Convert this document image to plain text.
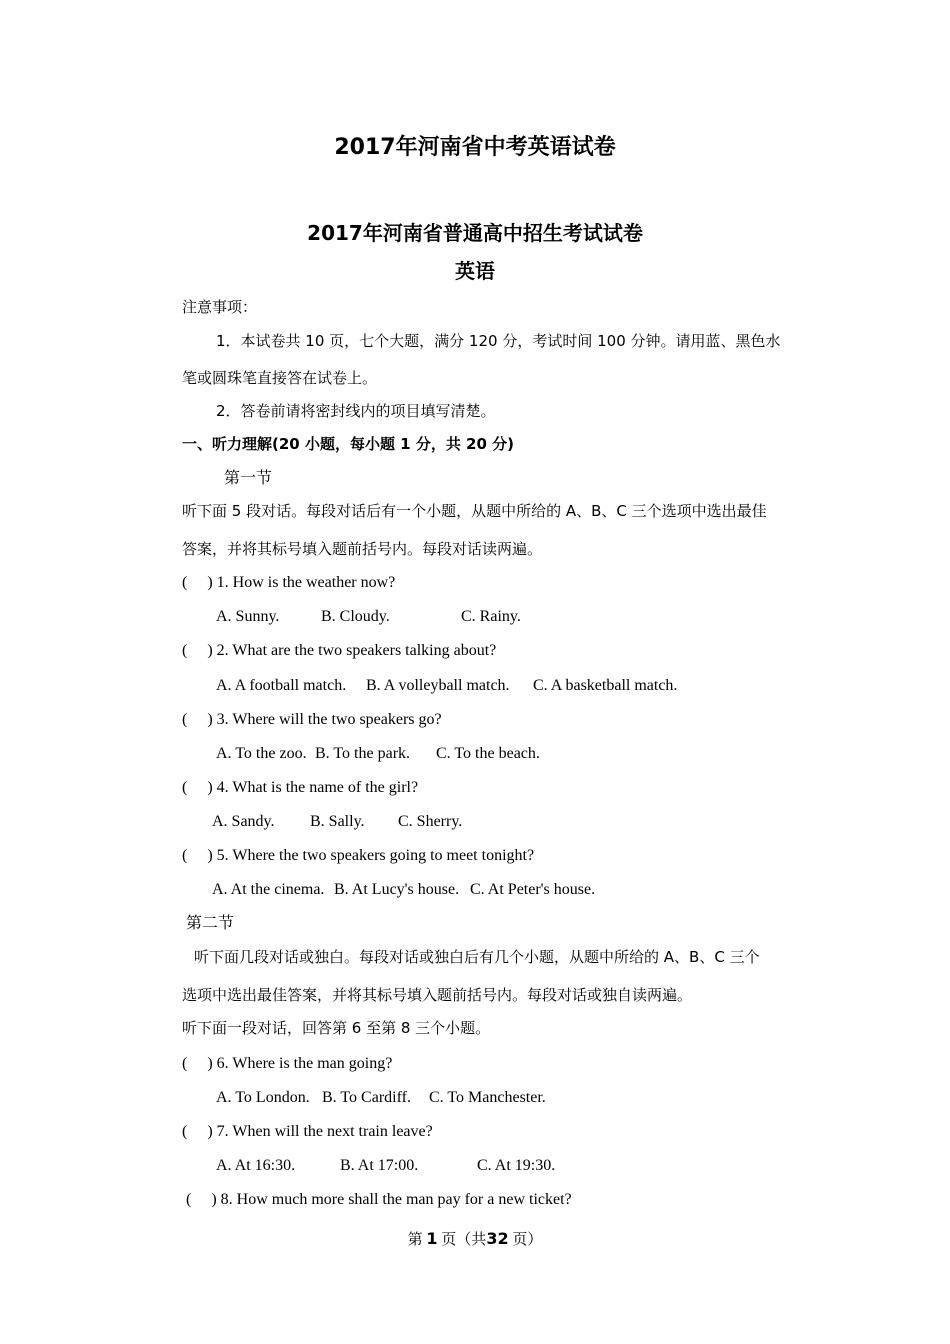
2017年河南省中考英语试卷
2017年河南省普通高中招生考试试卷
英语
注意事项：
1．本试卷共 10 页，七个大题，满分 120 分，考试时间 100 分钟。请用蓝、黑色水
笔或圆珠笔直接答在试卷上。
2．答卷前请将密封线内的项目填写清楚。
一、听力理解(20 小题，每小题 1 分，共 20 分)
第一节
听下面 5 段对话。每段对话后有一个小题，从题中所给的 A、B、C 三个选项中选出最佳
答案，并将其标号填入题前括号内。每段对话读两遍。
(     ) 1. How is the weather now?
A. Sunny.	B. Cloudy.	C. Rainy.
(     ) 2. What are the two speakers talking about?
A. A football match. B. A volleyball match. C. A basketball match.
(     ) 3. Where will the two speakers go?
A. To the zoo. B. To the park. C. To the beach.
(     ) 4. What is the name of the girl?
A. Sandy. B. Sally. C. Sherry.
(     ) 5. Where the two speakers going to meet tonight?
A. At the cinema. B. At Lucy's house. C. At Peter's house.
第二节
听下面几段对话或独白。每段对话或独白后有几个小题，从题中所给的 A、B、C 三个
选项中选出最佳答案，并将其标号填入题前括号内。每段对话或独自读两遍。
听下面一段对话，回答第 6 至第 8 三个小题。
(     ) 6. Where is the man going?
A. To London. B. To Cardiff. C. To Manchester.
(     ) 7. When will the next train leave?
A. At 16:30.	B. At 17:00.	C. At 19:30.
(     ) 8. How much more shall the man pay for a new ticket?
第 1 页（共32 页）
